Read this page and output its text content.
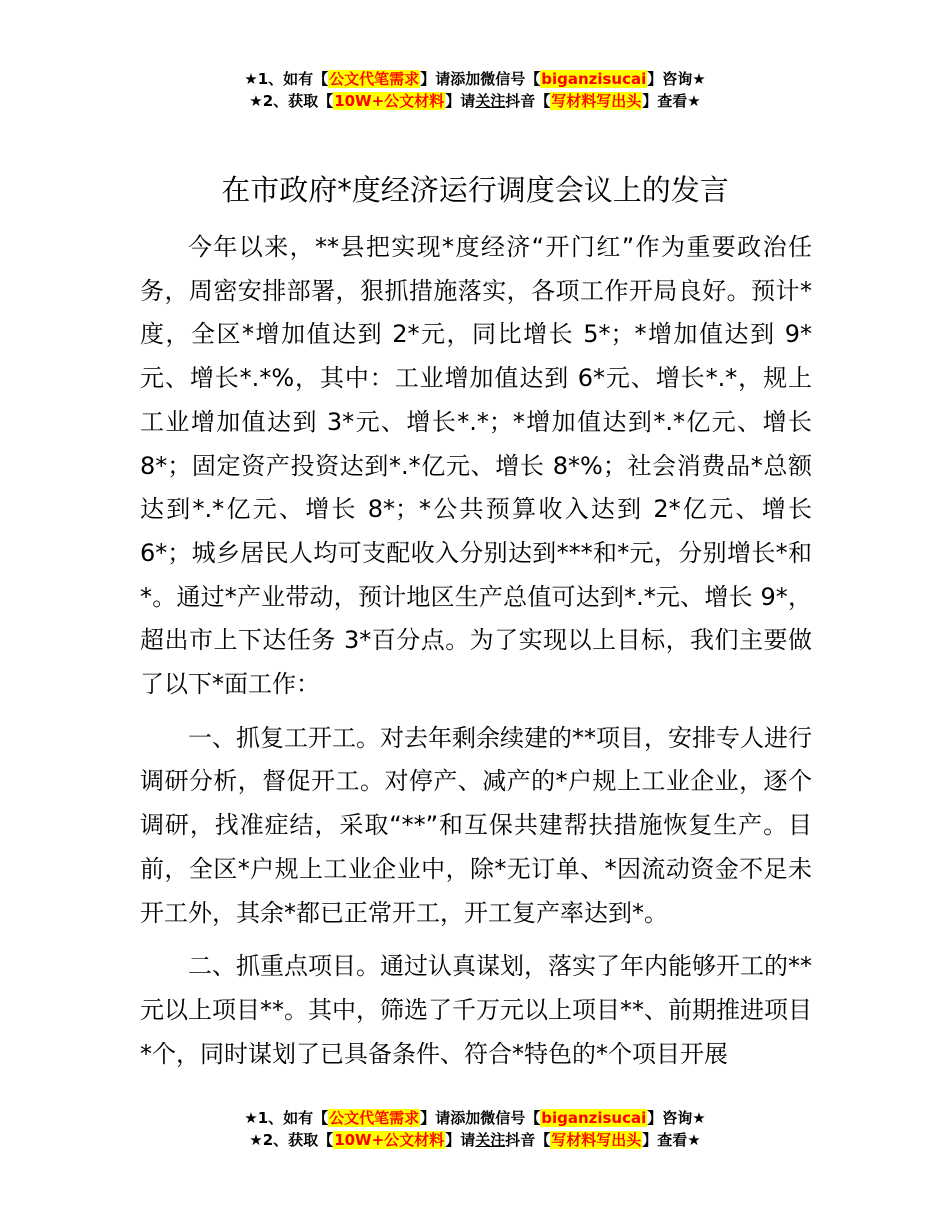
★1、如有【公文代笔需求】请添加微信号【biganzisucai】咨询★
★2、获取【10W+公文材料】请关注抖音【写材料写出头】查看★
在市政府*度经济运行调度会议上的发言

今年以来，**县把实现*度经济“开门红”作为重要政治任务，周密安排部署，狠抓措施落实，各项工作开局良好。预计*度，全区*增加值达到 2*元，同比增长 5*；*增加值达到 9*元、增长*.*%，其中：工业增加值达到 6*元、增长*.*，规上工业增加值达到 3*元、增长*.*；*增加值达到*.*亿元、增长 8*；固定资产投资达到*.*亿元、增长 8*%；社会消费品*总额达到*.*亿元、增长 8*；*公共预算收入达到 2*亿元、增长 6*；城乡居民人均可支配收入分别达到***和*元，分别增长*和*。通过*产业带动，预计地区生产总值可达到*.*元、增长 9*，超出市上下达任务 3*百分点。为了实现以上目标，我们主要做了以下*面工作：

一、抓复工开工。对去年剩余续建的**项目，安排专人进行调研分析，督促开工。对停产、减产的*户规上工业企业，逐个调研，找准症结，采取“**”和互保共建帮扶措施恢复生产。目前，全区*户规上工业企业中，除*无订单、*因流动资金不足未开工外，其余*都已正常开工，开工复产率达到*。

二、抓重点项目。通过认真谋划，落实了年内能够开工的**元以上项目**。其中，筛选了千万元以上项目**、前期推进项目*个，同时谋划了已具备条件、符合*特色的*个项目开展

★1、如有【公文代笔需求】请添加微信号【biganzisucai】咨询★
★2、获取【10W+公文材料】请关注抖音【写材料写出头】查看★
